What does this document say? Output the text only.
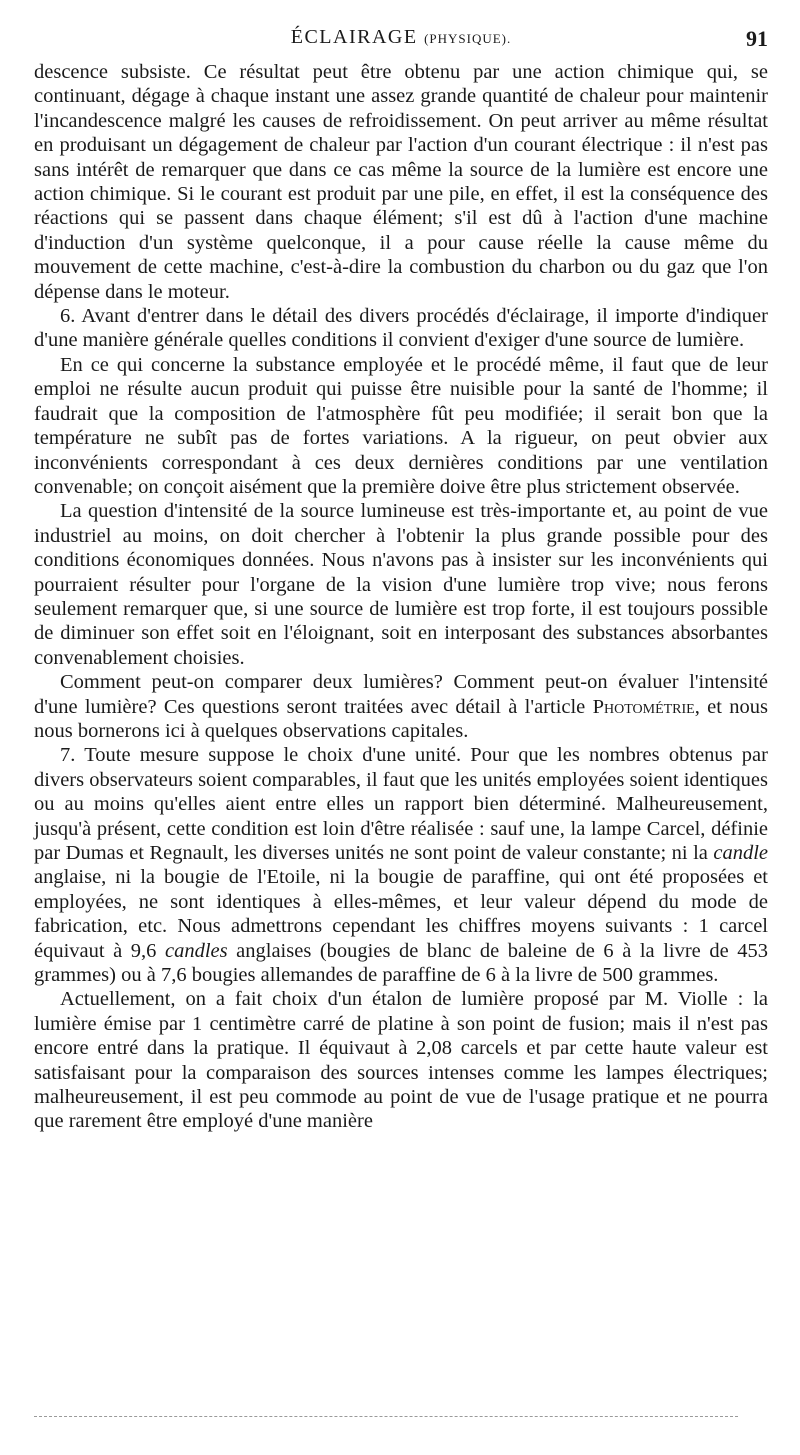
ÉCLAIRAGE (PHYSIQUE).	91

descence subsiste. Ce résultat peut être obtenu par une action chimique qui, se continuant, dégage à chaque instant une assez grande quantité de chaleur pour maintenir l'incandescence malgré les causes de refroidissement. On peut arriver au même résultat en produisant un dégagement de chaleur par l'action d'un courant électrique : il n'est pas sans intérêt de remarquer que dans ce cas même la source de la lumière est encore une action chimique. Si le courant est produit par une pile, en effet, il est la conséquence des réactions qui se passent dans chaque élément; s'il est dû à l'action d'une machine d'induction d'un système quelconque, il a pour cause réelle la cause même du mouvement de cette machine, c'est-à-dire la combustion du charbon ou du gaz que l'on dépense dans le moteur.

6. Avant d'entrer dans le détail des divers procédés d'éclairage, il importe d'indiquer d'une manière générale quelles conditions il convient d'exiger d'une source de lumière.

En ce qui concerne la substance employée et le procédé même, il faut que de leur emploi ne résulte aucun produit qui puisse être nuisible pour la santé de l'homme; il faudrait que la composition de l'atmosphère fût peu modifiée; il serait bon que la température ne subît pas de fortes variations. A la rigueur, on peut obvier aux inconvénients correspondant à ces deux dernières conditions par une ventilation convenable; on conçoit aisément que la première doive être plus strictement observée.

La question d'intensité de la source lumineuse est très-importante et, au point de vue industriel au moins, on doit chercher à l'obtenir la plus grande possible pour des conditions économiques données. Nous n'avons pas à insister sur les inconvénients qui pourraient résulter pour l'organe de la vision d'une lumière trop vive; nous ferons seulement remarquer que, si une source de lumière est trop forte, il est toujours possible de diminuer son effet soit en l'éloignant, soit en interposant des substances absorbantes convenablement choisies.

Comment peut-on comparer deux lumières? Comment peut-on évaluer l'intensité d'une lumière? Ces questions seront traitées avec détail à l'article Photométrie, et nous nous bornerons ici à quelques observations capitales.

7. Toute mesure suppose le choix d'une unité. Pour que les nombres obtenus par divers observateurs soient comparables, il faut que les unités employées soient identiques ou au moins qu'elles aient entre elles un rapport bien déterminé. Malheureusement, jusqu'à présent, cette condition est loin d'être réalisée : sauf une, la lampe Carcel, définie par Dumas et Regnault, les diverses unités ne sont point de valeur constante; ni la candle anglaise, ni la bougie de l'Etoile, ni la bougie de paraffine, qui ont été proposées et employées, ne sont identiques à elles-mêmes, et leur valeur dépend du mode de fabrication, etc. Nous admettrons cependant les chiffres moyens suivants : 1 carcel équivaut à 9,6 candles anglaises (bougies de blanc de baleine de 6 à la livre de 453 grammes) ou à 7,6 bougies allemandes de paraffine de 6 à la livre de 500 grammes.

Actuellement, on a fait choix d'un étalon de lumière proposé par M. Violle : la lumière émise par 1 centimètre carré de platine à son point de fusion; mais il n'est pas encore entré dans la pratique. Il équivaut à 2,08 carcels et par cette haute valeur est satisfaisant pour la comparaison des sources intenses comme les lampes électriques; malheureusement, il est peu commode au point de vue de l'usage pratique et ne pourra que rarement être employé d'une manière
